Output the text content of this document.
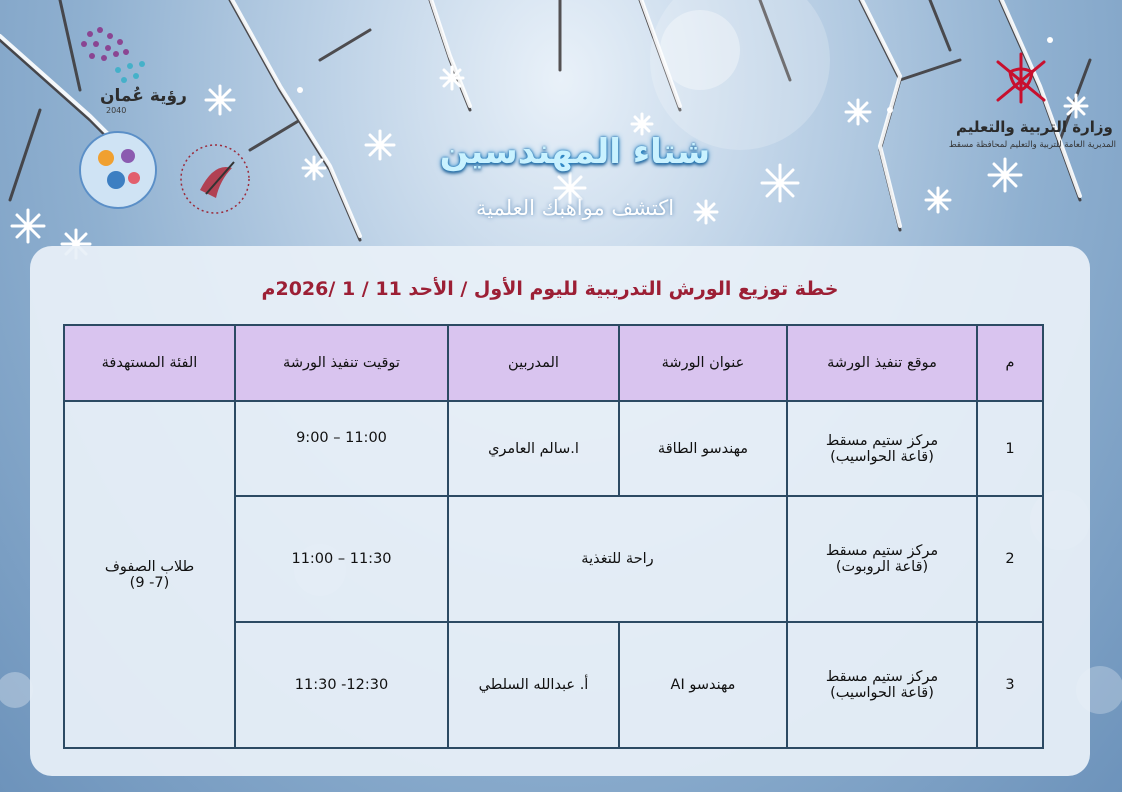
رؤية عُمان
2040
وزارة التربية والتعليم
المديرية العامة للتربية والتعليم لمحافظة مسقط
شتاء المهندسين
اكتشف مواهبك العلمية
خطة توزيع الورش التدريبية لليوم الأول / الأحد 11 / 1 /2026م
م	موقع تنفيذ الورشة	عنوان الورشة	المدربين	توقيت تنفيذ الورشة	الفئة المستهدفة
1	مركز ستيم مسقط
(قاعة الحواسيب)	مهندسو الطاقة	ا.سالم العامري	11:00 – 9:00	طلاب الصفوف
(7- 9)

2	مركز ستيم مسقط
(قاعة الروبوت)	راحة للتغذية		11:30 – 11:00	
3	مركز ستيم مسقط
(قاعة الحواسيب)	مهندسو AI	أ. عبدالله السلطي	12:30- 11:30	
